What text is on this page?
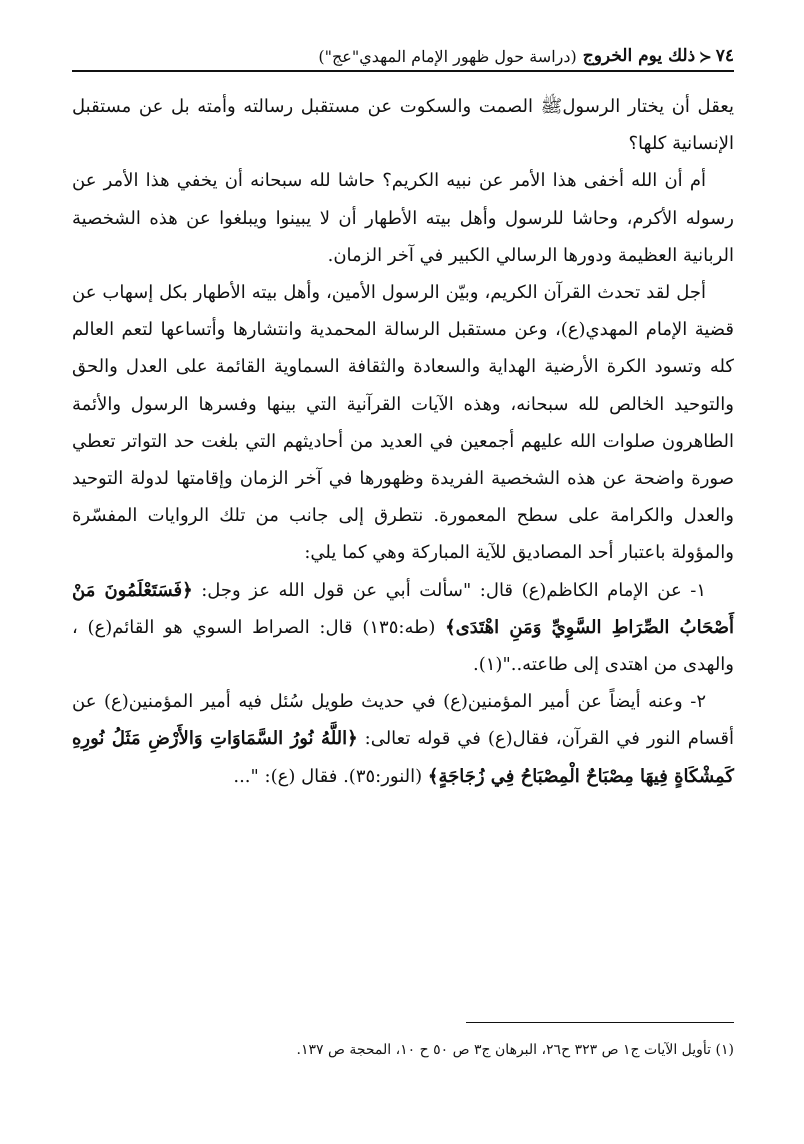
٧٤
≺
ذلك يوم الخروج
(دراسة حول ظهور الإمام المهدي"عج")

يعقل أن يختار الرسولﷺ الصمت والسكوت عن مستقبل رسالته وأمته بل عن مستقبل الإنسانية كلها؟

أم أن الله أخفى هذا الأمر عن نبيه الكريم؟ حاشا لله سبحانه أن يخفي هذا الأمر عن رسوله الأكرم، وحاشا للرسول وأهل بيته الأطهار أن لا يبينوا ويبلغوا عن هذه الشخصية الربانية العظيمة ودورها الرسالي الكبير في آخر الزمان.

أجل لقد تحدث القرآن الكريم، وبيّن الرسول الأمين، وأهل بيته الأطهار بكل إسهاب عن قضية الإمام المهدي(ع)، وعن مستقبل الرسالة المحمدية وانتشارها وأتساعها لتعم العالم كله وتسود الكرة الأرضية الهداية والسعادة والثقافة السماوية القائمة على العدل والحق والتوحيد الخالص لله سبحانه، وهذه الآيات القرآنية التي بينها وفسرها الرسول والأئمة الطاهرون صلوات الله عليهم أجمعين في العديد من أحاديثهم التي بلغت حد التواتر تعطي صورة واضحة عن هذه الشخصية الفريدة وظهورها في آخر الزمان وإقامتها لدولة التوحيد والعدل والكرامة على سطح المعمورة. نتطرق إلى جانب من تلك الروايات المفسّرة والمؤولة باعتبار أحد المصاديق للآية المباركة وهي كما يلي:

١- عن الإمام الكاظم(ع) قال: "سألت أبي عن قول الله عز وجل: ﴿فَسَتَعْلَمُونَ مَنْ أَصْحَابُ الصِّرَاطِ السَّوِيِّ وَمَنِ اهْتَدَى﴾ (طه:١٣٥) قال: الصراط السوي هو القائم(ع) ، والهدى من اهتدى إلى طاعته.."(١).

٢- وعنه أيضاً عن أمير المؤمنين(ع) في حديث طويل سُئل فيه أمير المؤمنين(ع) عن أقسام النور في القرآن، فقال(ع) في قوله تعالى: ﴿اللَّهُ نُورُ السَّمَاوَاتِ وَالأَرْضِ مَثَلُ نُورِهِ كَمِشْكَاةٍ فِيهَا مِصْبَاحٌ الْمِصْبَاحُ فِي زُجَاجَةٍ﴾ (النور:٣٥). فقال (ع): "...

(١) تأويل الآيات ج١ ص ٣٢٣ ح٢٦، البرهان ج٣ ص ٥٠ ح ١٠، المحجة ص ١٣٧.
